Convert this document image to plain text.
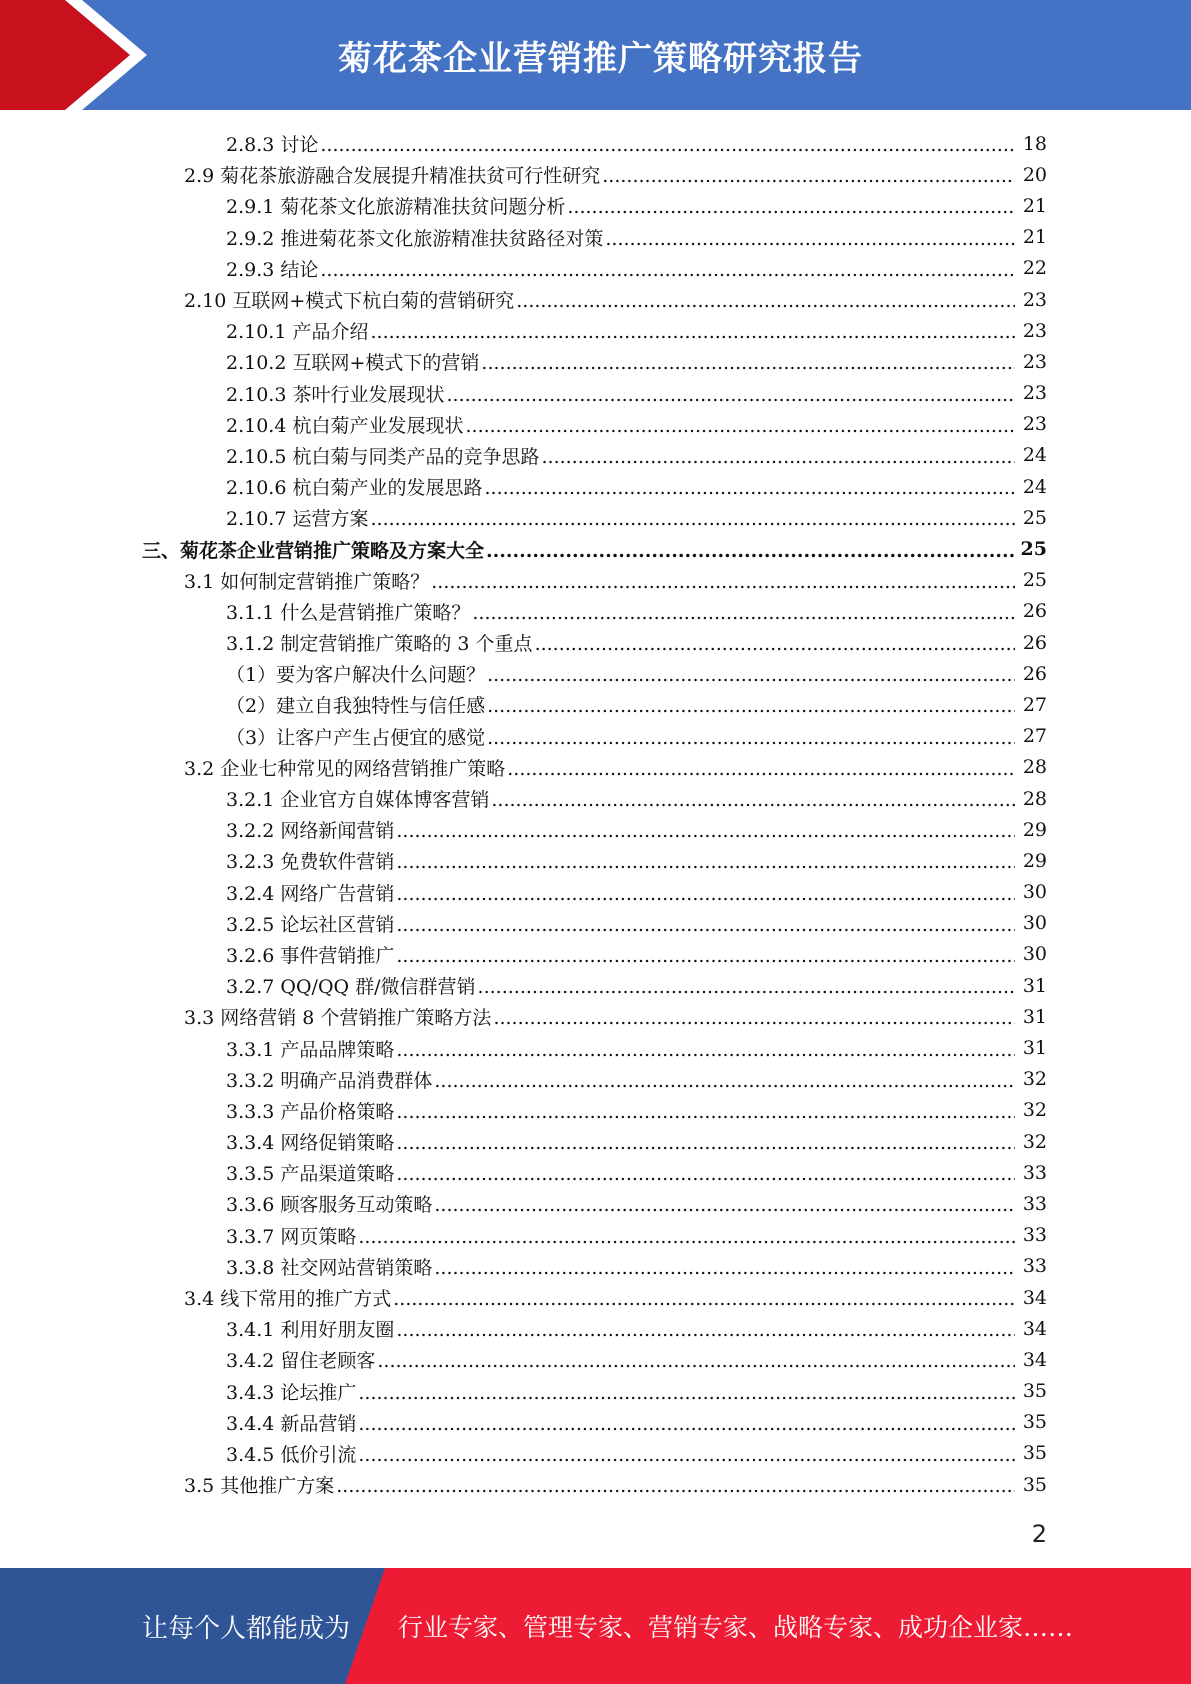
菊花茶企业营销推广策略研究报告
2.8.3 讨论 .....	18
2.9 菊花茶旅游融合发展提升精准扶贫可行性研究 .....	20
2.9.1 菊花茶文化旅游精准扶贫问题分析 .....	21
2.9.2 推进菊花茶文化旅游精准扶贫路径对策 .....	21
2.9.3 结论 .....	22
2.10 互联网+模式下杭白菊的营销研究 .....	23
2.10.1 产品介绍 .....	23
2.10.2 互联网+模式下的营销 .....	23
2.10.3 茶叶行业发展现状 .....	23
2.10.4 杭白菊产业发展现状 .....	23
2.10.5 杭白菊与同类产品的竞争思路 .....	24
2.10.6 杭白菊产业的发展思路 .....	24
2.10.7 运营方案 .....	25
三、菊花茶企业营销推广策略及方案大全 .....	25
3.1 如何制定营销推广策略？ .....	25
3.1.1 什么是营销推广策略？ .....	26
3.1.2 制定营销推广策略的 3 个重点 .....	26
（1）要为客户解决什么问题？ .....	26
（2）建立自我独特性与信任感 .....	27
（3）让客户产生占便宜的感觉 .....	27
3.2 企业七种常见的网络营销推广策略 .....	28
3.2.1 企业官方自媒体博客营销 .....	28
3.2.2 网络新闻营销 .....	29
3.2.3 免费软件营销 .....	29
3.2.4 网络广告营销 .....	30
3.2.5 论坛社区营销 .....	30
3.2.6 事件营销推广 .....	30
3.2.7 QQ/QQ 群/微信群营销 .....	31
3.3 网络营销 8 个营销推广策略方法 .....	31
3.3.1 产品品牌策略 .....	31
3.3.2 明确产品消费群体 .....	32
3.3.3 产品价格策略 .....	32
3.3.4 网络促销策略 .....	32
3.3.5 产品渠道策略 .....	33
3.3.6 顾客服务互动策略 .....	33
3.3.7 网页策略 .....	33
3.3.8 社交网站营销策略 .....	33
3.4 线下常用的推广方式 .....	34
3.4.1 利用好朋友圈 .....	34
3.4.2 留住老顾客 .....	34
3.4.3 论坛推广 .....	35
3.4.4 新品营销 .....	35
3.4.5 低价引流 .....	35
3.5 其他推广方案 .....	35
2
让每个人都能成为 行业专家、管理专家、营销专家、战略专家、成功企业家……
